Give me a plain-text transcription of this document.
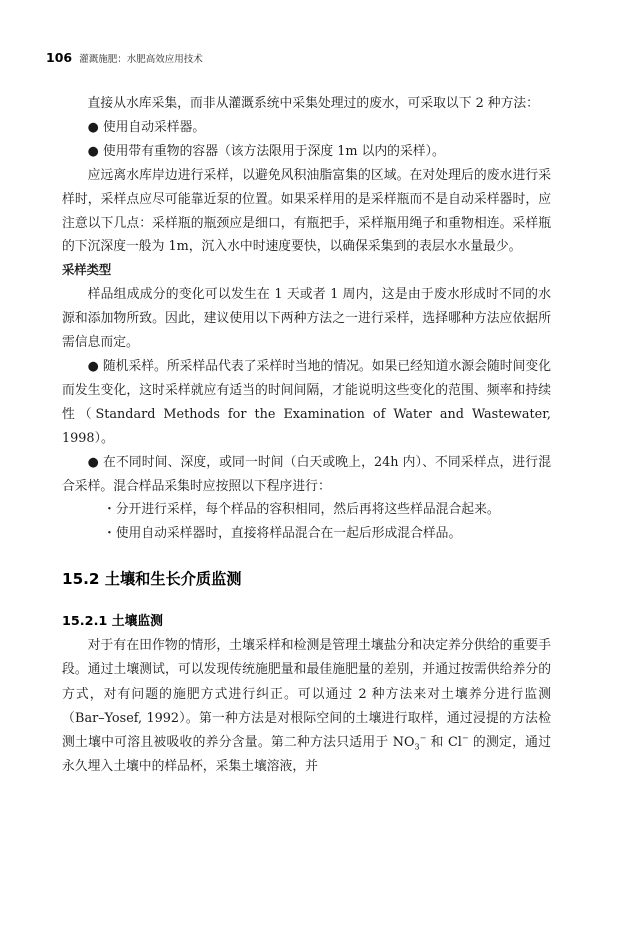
106 灌溉施肥：水肥高效应用技术

直接从水库采集，而非从灌溉系统中采集处理过的废水，可采取以下 2 种方法：

● 使用自动采样器。

● 使用带有重物的容器（该方法限用于深度 1m 以内的采样）。

应远离水库岸边进行采样，以避免风积油脂富集的区域。在对处理后的废水进行采样时，采样点应尽可能靠近泵的位置。如果采样用的是采样瓶而不是自动采样器时，应注意以下几点：采样瓶的瓶颈应是细口，有瓶把手，采样瓶用绳子和重物相连。采样瓶的下沉深度一般为 1m，沉入水中时速度要快，以确保采集到的表层水水量最少。

采样类型

样品组成成分的变化可以发生在 1 天或者 1 周内，这是由于废水形成时不同的水源和添加物所致。因此，建议使用以下两种方法之一进行采样，选择哪种方法应依据所需信息而定。

● 随机采样。所采样品代表了采样时当地的情况。如果已经知道水源会随时间变化而发生变化，这时采样就应有适当的时间间隔，才能说明这些变化的范围、频率和持续性（Standard Methods for the Examination of Water and Wastewater, 1998）。

● 在不同时间、深度，或同一时间（白天或晚上，24h 内）、不同采样点，进行混合采样。混合样品采集时应按照以下程序进行：

・分开进行采样，每个样品的容积相同，然后再将这些样品混合起来。

・使用自动采样器时，直接将样品混合在一起后形成混合样品。

15.2 土壤和生长介质监测
15.2.1 土壤监测

对于有在田作物的情形，土壤采样和检测是管理土壤盐分和决定养分供给的重要手段。通过土壤测试，可以发现传统施肥量和最佳施肥量的差别，并通过按需供给养分的方式，对有问题的施肥方式进行纠正。可以通过 2 种方法来对土壤养分进行监测（Bar–Yosef, 1992）。第一种方法是对根际空间的土壤进行取样，通过浸提的方法检测土壤中可溶且被吸收的养分含量。第二种方法只适用于 $NO_3^-$ 和 Cl− 的测定，通过永久埋入土壤中的样品杯，采集土壤溶液，并
